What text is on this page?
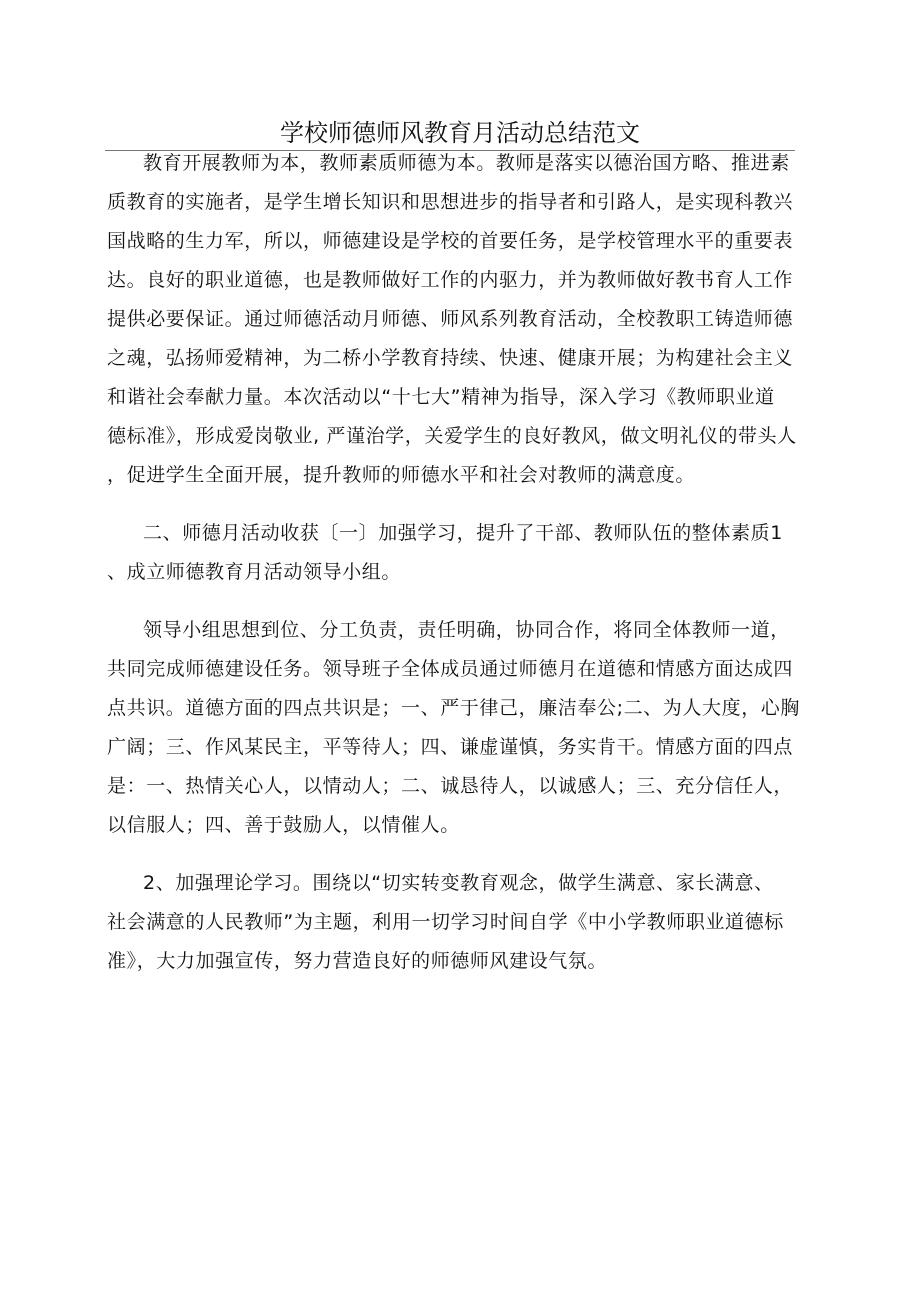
学校师德师风教育月活动总结范文
教育开展教师为本，教师素质师德为本。教师是落实以德治国方略、推进素
质教育的实施者，是学生增长知识和思想进步的指导者和引路人，是实现科教兴
国战略的生力军，所以，师德建设是学校的首要任务，是学校管理水平的重要表
达。良好的职业道德，也是教师做好工作的内驱力，并为教师做好教书育人工作
提供必要保证。通过师德活动月师德、师风系列教育活动，全校教职工铸造师德
之魂，弘扬师爱精神，为二桥小学教育持续、快速、健康开展；为构建社会主义
和谐社会奉献力量。本次活动以“十七大”精神为指导，深入学习《教师职业道
德标准》，形成爱岗敬业, 严谨治学，关爱学生的良好教风，做文明礼仪的带头人
，促进学生全面开展，提升教师的师德水平和社会对教师的满意度。
二、师德月活动收获〔一〕加强学习，提升了干部、教师队伍的整体素质1
、成立师德教育月活动领导小组。
领导小组思想到位、分工负责，责任明确，协同合作，将同全体教师一道，
共同完成师德建设任务。领导班子全体成员通过师德月在道德和情感方面达成四
点共识。道德方面的四点共识是；一、严于律己，廉洁奉公;二、为人大度，心胸
广阔；三、作风某民主，平等待人；四、谦虚谨慎，务实肯干。情感方面的四点
是：一、热情关心人，以情动人；二、诚恳待人，以诚感人；三、充分信任人，
以信服人；四、善于鼓励人，以情催人。
2、加强理论学习。围绕以“切实转变教育观念，做学生满意、家长满意、
社会满意的人民教师”为主题，利用一切学习时间自学《中小学教师职业道德标
准》，大力加强宣传，努力营造良好的师德师风建设气氛。
